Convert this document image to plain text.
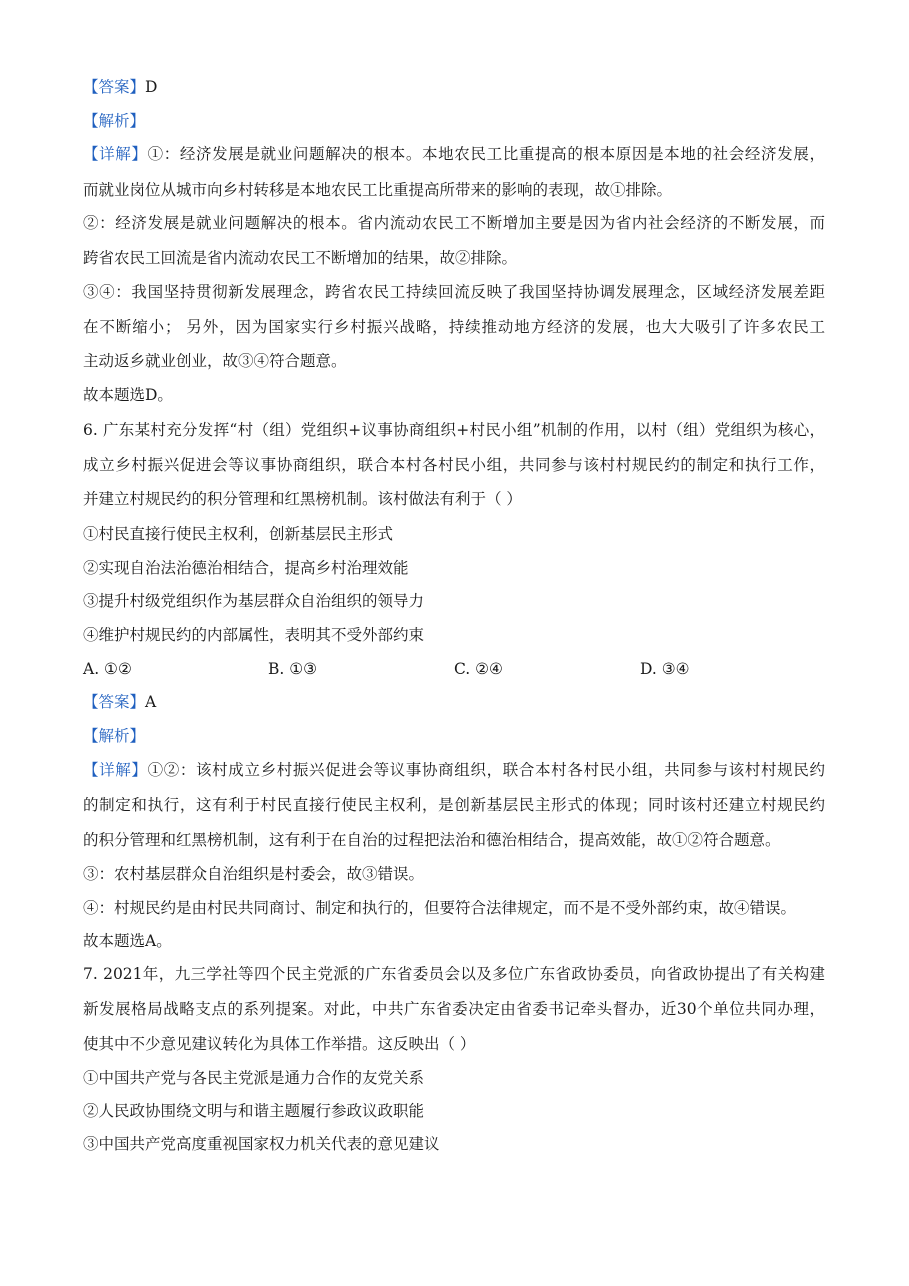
【答案】D
【解析】
【详解】①：经济发展是就业问题解决的根本。本地农民工比重提高的根本原因是本地的社会经济发展，
而就业岗位从城市向乡村转移是本地农民工比重提高所带来的影响的表现，故①排除。
②：经济发展是就业问题解决的根本。省内流动农民工不断增加主要是因为省内社会经济的不断发展，而
跨省农民工回流是省内流动农民工不断增加的结果，故②排除。
③④：我国坚持贯彻新发展理念，跨省农民工持续回流反映了我国坚持协调发展理念，区域经济发展差距
在不断缩小； 另外，因为国家实行乡村振兴战略，持续推动地方经济的发展，也大大吸引了许多农民工
主动返乡就业创业，故③④符合题意。
故本题选D。
6. 广东某村充分发挥“村（组）党组织+议事协商组织+村民小组”机制的作用，以村（组）党组织为核心，
成立乡村振兴促进会等议事协商组织，联合本村各村民小组，共同参与该村村规民约的制定和执行工作，
并建立村规民约的积分管理和红黑榜机制。该村做法有利于（ ）
①村民直接行使民主权利，创新基层民主形式
②实现自治法治德治相结合，提高乡村治理效能
③提升村级党组织作为基层群众自治组织的领导力
④维护村规民约的内部属性，表明其不受外部约束
A. ①②	B. ①③	C. ②④	D. ③④
【答案】A
【解析】
【详解】①②：该村成立乡村振兴促进会等议事协商组织，联合本村各村民小组，共同参与该村村规民约
的制定和执行，这有利于村民直接行使民主权利，是创新基层民主形式的体现；同时该村还建立村规民约
的积分管理和红黑榜机制，这有利于在自治的过程把法治和德治相结合，提高效能，故①②符合题意。
③：农村基层群众自治组织是村委会，故③错误。
④：村规民约是由村民共同商讨、制定和执行的，但要符合法律规定，而不是不受外部约束，故④错误。
故本题选A。
7. 2021年，九三学社等四个民主党派的广东省委员会以及多位广东省政协委员，向省政协提出了有关构建
新发展格局战略支点的系列提案。对此，中共广东省委决定由省委书记牵头督办，近30个单位共同办理，
使其中不少意见建议转化为具体工作举措。这反映出（ ）
①中国共产党与各民主党派是通力合作的友党关系
②人民政协围绕文明与和谐主题履行参政议政职能
③中国共产党高度重视国家权力机关代表的意见建议
